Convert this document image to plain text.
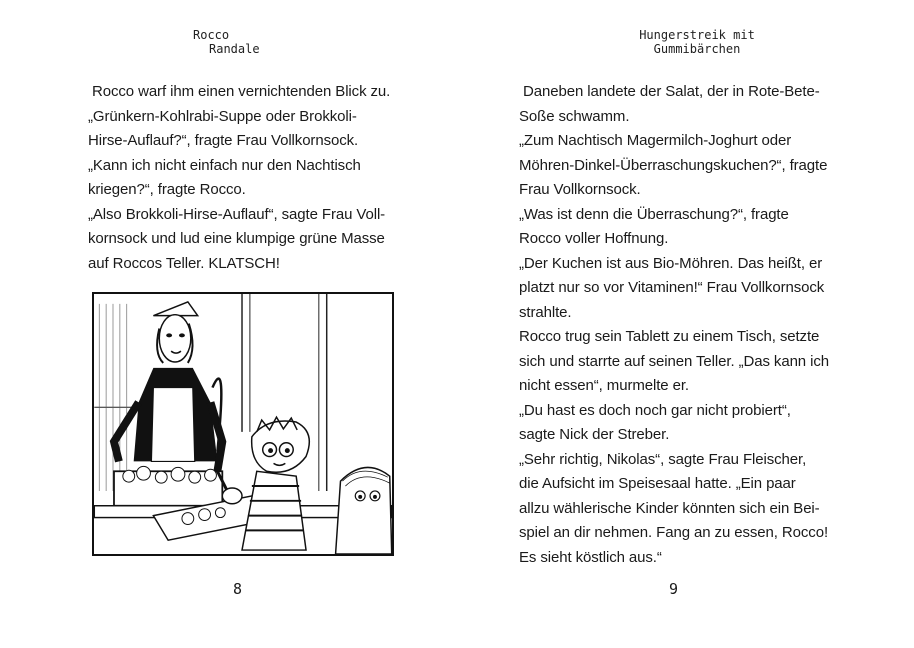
Rocco
Randale

Rocco warf ihm einen vernichtenden Blick zu.

„Grünkern-Kohlrabi-Suppe oder Brokkoli-

Hirse-Auflauf?“, fragte Frau Vollkornsock.

„Kann ich nicht einfach nur den Nachtisch

kriegen?“, fragte Rocco.

„Also Brokkoli-Hirse-Auflauf“, sagte Frau Voll-

kornsock und lud eine klumpige grüne Masse

auf Roccos Teller. KLATSCH!

8
Hungerstreik mit
Gummibärchen

Daneben landete der Salat, der in Rote-Bete-

Soße schwamm.

„Zum Nachtisch Magermilch-Joghurt oder

Möhren-Dinkel-Überraschungskuchen?“, fragte

Frau Vollkornsock.

„Was ist denn die Überraschung?“, fragte

Rocco voller Hoffnung.

„Der Kuchen ist aus Bio-Möhren. Das heißt, er

platzt nur so vor Vitaminen!“ Frau Vollkornsock

strahlte.

Rocco trug sein Tablett zu einem Tisch, setzte

sich und starrte auf seinen Teller. „Das kann ich

nicht essen“, murmelte er.

„Du hast es doch noch gar nicht probiert“,

sagte Nick der Streber.

„Sehr richtig, Nikolas“, sagte Frau Fleischer,

die Aufsicht im Speisesaal hatte. „Ein paar

allzu wählerische Kinder könnten sich ein Bei-

spiel an dir nehmen. Fang an zu essen, Rocco!

Es sieht köstlich aus.“

9
